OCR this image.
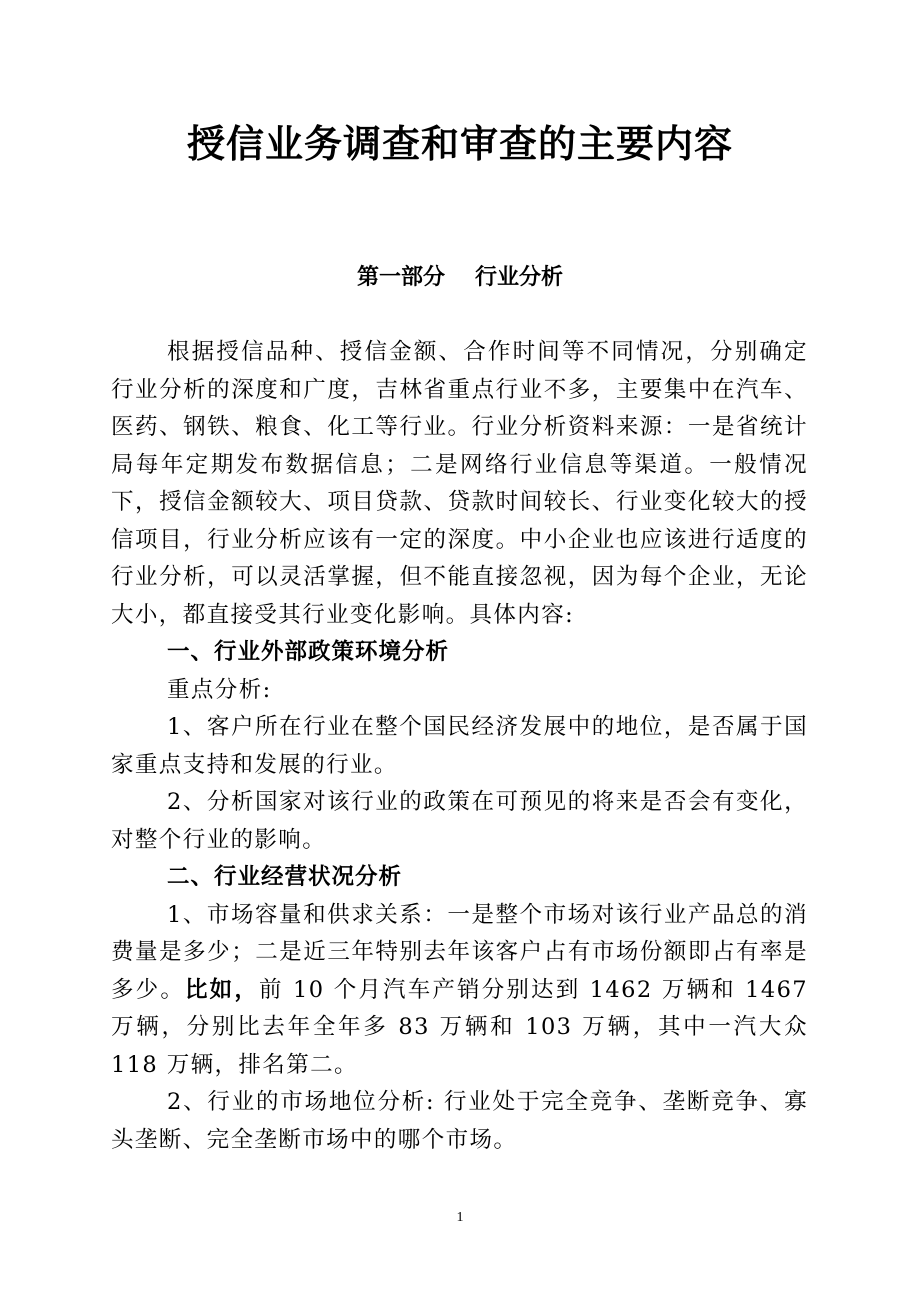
授信业务调查和审查的主要内容
第一部分 行业分析

根据授信品种、授信金额、合作时间等不同情况，分别确定行业分析的深度和广度，吉林省重点行业不多，主要集中在汽车、医药、钢铁、粮食、化工等行业。行业分析资料来源：一是省统计局每年定期发布数据信息；二是网络行业信息等渠道。一般情况下，授信金额较大、项目贷款、贷款时间较长、行业变化较大的授信项目，行业分析应该有一定的深度。中小企业也应该进行适度的行业分析，可以灵活掌握，但不能直接忽视，因为每个企业，无论大小，都直接受其行业变化影响。具体内容:

一、行业外部政策环境分析

重点分析:

1、客户所在行业在整个国民经济发展中的地位，是否属于国家重点支持和发展的行业。

2、分析国家对该行业的政策在可预见的将来是否会有变化，对整个行业的影响。

二、行业经营状况分析

1、市场容量和供求关系：一是整个市场对该行业产品总的消费量是多少；二是近三年特别去年该客户占有市场份额即占有率是多少。比如，前 10 个月汽车产销分别达到 1462 万辆和 1467 万辆，分别比去年全年多 83 万辆和 103 万辆，其中一汽大众 118 万辆，排名第二。

2、行业的市场地位分析: 行业处于完全竞争、垄断竞争、寡头垄断、完全垄断市场中的哪个市场。

1
